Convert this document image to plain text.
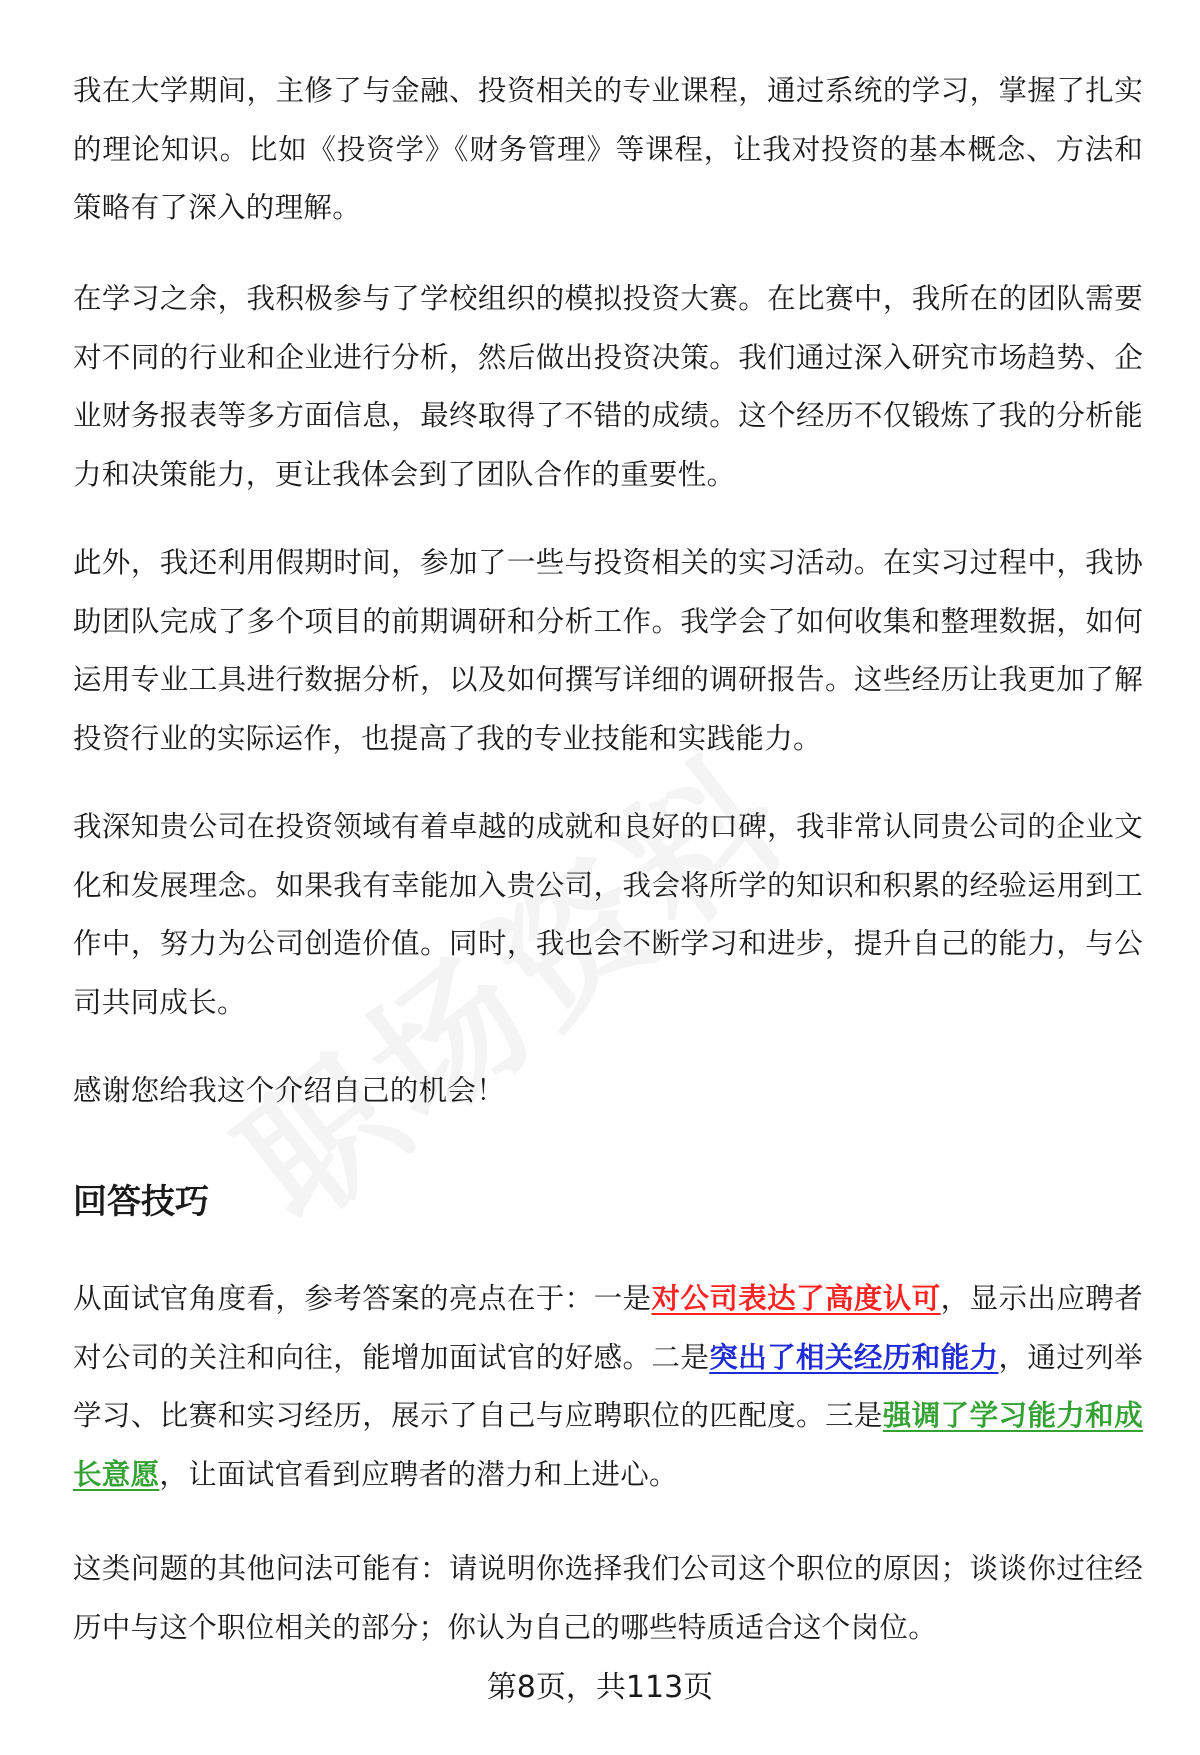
我在大学期间，主修了与金融、投资相关的专业课程，通过系统的学习，掌握了扎实的理论知识。比如《投资学》《财务管理》等课程，让我对投资的基本概念、方法和策略有了深入的理解。

在学习之余，我积极参与了学校组织的模拟投资大赛。在比赛中，我所在的团队需要对不同的行业和企业进行分析，然后做出投资决策。我们通过深入研究市场趋势、企业财务报表等多方面信息，最终取得了不错的成绩。这个经历不仅锻炼了我的分析能力和决策能力，更让我体会到了团队合作的重要性。

此外，我还利用假期时间，参加了一些与投资相关的实习活动。在实习过程中，我协助团队完成了多个项目的前期调研和分析工作。我学会了如何收集和整理数据，如何运用专业工具进行数据分析，以及如何撰写详细的调研报告。这些经历让我更加了解投资行业的实际运作，也提高了我的专业技能和实践能力。

我深知贵公司在投资领域有着卓越的成就和良好的口碑，我非常认同贵公司的企业文化和发展理念。如果我有幸能加入贵公司，我会将所学的知识和积累的经验运用到工作中，努力为公司创造价值。同时，我也会不断学习和进步，提升自己的能力，与公司共同成长。

感谢您给我这个介绍自己的机会！

回答技巧

从面试官角度看，参考答案的亮点在于：一是对公司表达了高度认可，显示出应聘者对公司的关注和向往，能增加面试官的好感。二是突出了相关经历和能力，通过列举学习、比赛和实习经历，展示了自己与应聘职位的匹配度。三是强调了学习能力和成长意愿，让面试官看到应聘者的潜力和上进心。

这类问题的其他问法可能有：请说明你选择我们公司这个职位的原因；谈谈你过往经历中与这个职位相关的部分；你认为自己的哪些特质适合这个岗位。

第8页，共113页
